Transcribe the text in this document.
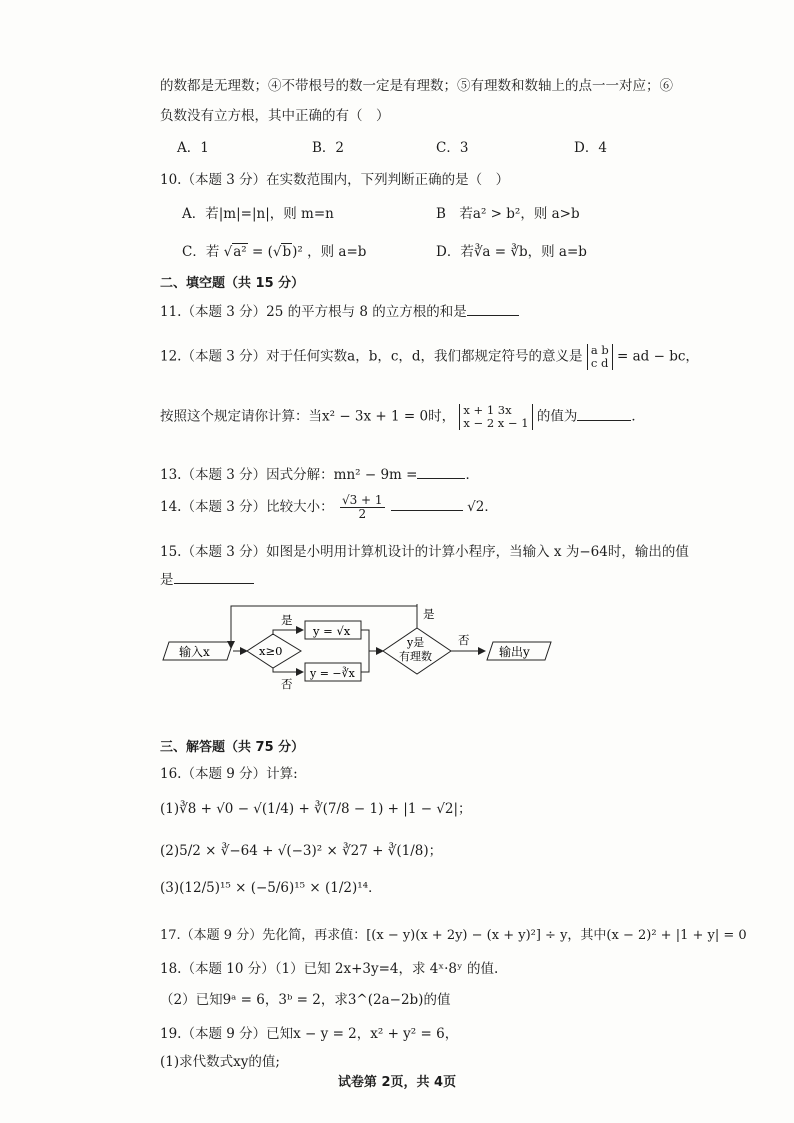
的数都是无理数；④不带根号的数一定是有理数；⑤有理数和数轴上的点一一对应；⑥
负数没有立方根，其中正确的有（　）
A．1	B．2	C．3	D．4
10.（本题 3 分）在实数范围内，下列判断正确的是（　）
A．若|m|=|n|，则 m=n	B　若a² > b²，则 a>b
C．若 √a² = (√b)² ，则 a=b	D．若∛a = ∛b，则 a=b
二、填空题（共 15 分）
11.（本题 3 分）25 的平方根与 8 的立方根的和是
12.（本题 3 分）对于任何实数a，b，c，d，我们都规定符号的意义是 a b
c d = ad − bc，
按照这个规定请你计算：当x² − 3x + 1 = 0时， x + 1 3x
x − 2 x − 1 的值为	．
13.（本题 3 分）因式分解：mn² − 9m =	．
14.（本题 3 分）比较大小： $\frac{√3 + 1}{2}$	√2．
15.（本题 3 分）如图是小明用计算机设计的计算小程序，当输入 x 为−64时，输出的值
是
输入x	x≥0
是
y = √x
否
y = −∛x
y是
有理数
是
否
输出y
三、解答题（共 75 分）
16.（本题 9 分）计算:
(1)∛8 + √0 − √(1/4) + ∛(7/8 − 1) + |1 − √2|；
(2)5/2 × ∛−64 + √(−3)² × ∛27 + ∛(1/8)；
(3)(12/5)¹⁵ × (−5/6)¹⁵ × (1/2)¹⁴．
17.（本题 9 分）先化简，再求值：[(x − y)(x + 2y) − (x + y)²] ÷ y，其中(x − 2)² + |1 + y| = 0
18.（本题 10 分）（1）已知 2x+3y=4，求 4ˣ·8ʸ 的值.
（2）已知9ᵃ = 6，3ᵇ = 2，求3^(2a−2b)的值
19.（本题 9 分）已知x − y = 2，x² + y² = 6，
(1)求代数式xy的值;
试卷第 2页，共 4页
